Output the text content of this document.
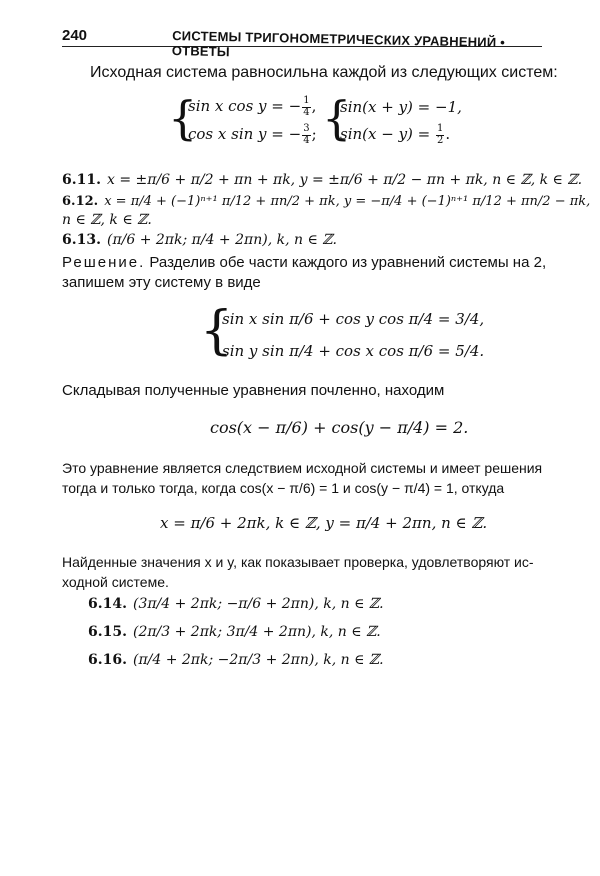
240	СИСТЕМЫ ТРИГОНОМЕТРИЧЕСКИХ УРАВНЕНИЙ • ОТВЕТЫ
Исходная система равносильна каждой из следующих систем:
{
sin x cos y = − $\frac{1}{4}$ ,
cos x sin y = − $\frac{3}{4}$ ; {
sin(x + y) = −1,
$\sin(x - y) = \frac{1}{2}$ .
6.11. x = ±π/6 + π/2 + πn + πk, y = ±π/6 + π/2 − πn + πk, n ∈ ℤ, k ∈ ℤ.
6.12. x = π/4 + (−1)ⁿ⁺¹ π/12 + πn/2 + πk, y = −π/4 + (−1)ⁿ⁺¹ π/12 + πn/2 − πk,
n ∈ ℤ, k ∈ ℤ.
6.13. (π/6 + 2πk; π/4 + 2πn), k, n ∈ ℤ.
Решение. Разделив обе части каждого из уравнений системы на 2,
запишем эту систему в виде
{
sin x sin π/6 + cos y cos π/4 = 3/4,
sin y sin π/4 + cos x cos π/6 = 5/4.
Складывая полученные уравнения почленно, находим
cos(x − π/6) + cos(y − π/4) = 2.
Это уравнение является следствием исходной системы и имеет решения
тогда и только тогда, когда cos(x − π/6) = 1 и cos(y − π/4) = 1, откуда
x = π/6 + 2πk, k ∈ ℤ, y = π/4 + 2πn, n ∈ ℤ.
Найденные значения x и y, как показывает проверка, удовлетворяют ис-
ходной системе.
6.14. (3π/4 + 2πk; −π/6 + 2πn), k, n ∈ ℤ.
6.15. (2π/3 + 2πk; 3π/4 + 2πn), k, n ∈ ℤ.
6.16. (π/4 + 2πk; −2π/3 + 2πn), k, n ∈ ℤ.
